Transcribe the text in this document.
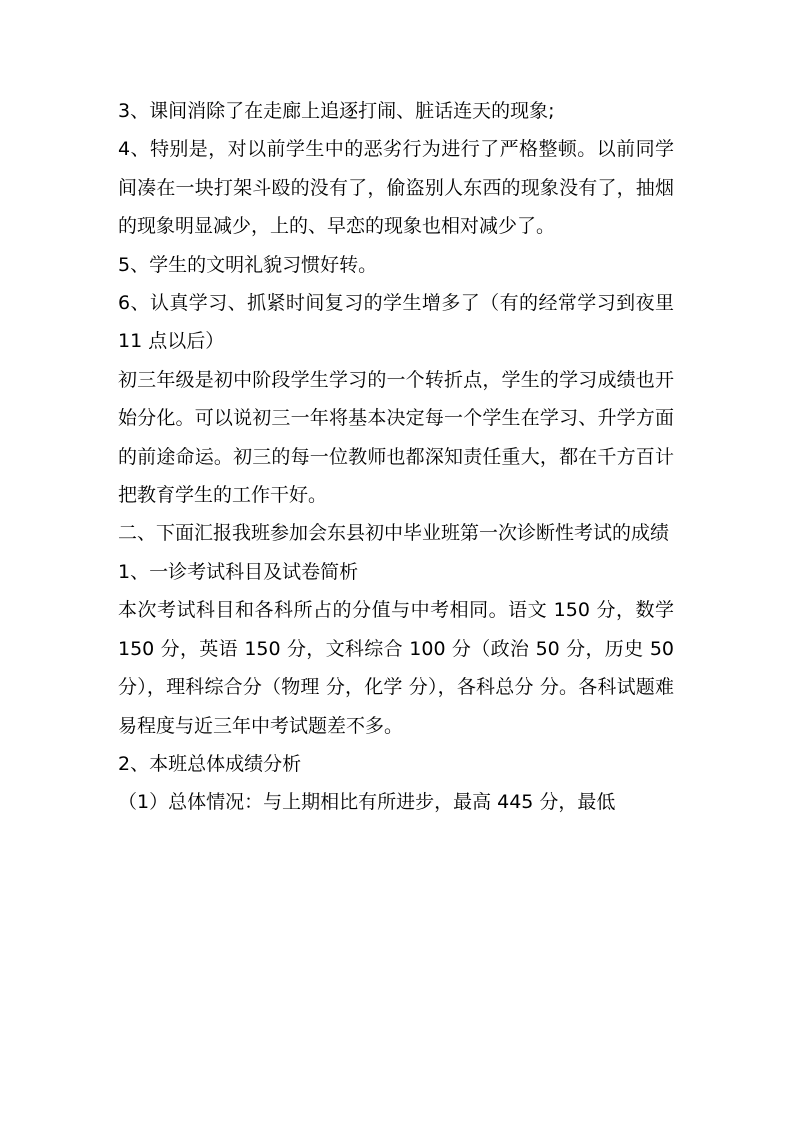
3、课间消除了在走廊上追逐打闹、脏话连天的现象;

4、特别是，对以前学生中的恶劣行为进行了严格整顿。以前同学间凑在一块打架斗殴的没有了，偷盗别人东西的现象没有了，抽烟的现象明显减少，上的、早恋的现象也相对减少了。

5、学生的文明礼貌习惯好转。

6、认真学习、抓紧时间复习的学生增多了（有的经常学习到夜里 11 点以后）

初三年级是初中阶段学生学习的一个转折点，学生的学习成绩也开始分化。可以说初三一年将基本决定每一个学生在学习、升学方面的前途命运。初三的每一位教师也都深知责任重大，都在千方百计把教育学生的工作干好。

二、下面汇报我班参加会东县初中毕业班第一次诊断性考试的成绩

1、一诊考试科目及试卷简析

本次考试科目和各科所占的分值与中考相同。语文 150 分，数学 150 分，英语 150 分，文科综合 100 分（政治 50 分，历史 50 分），理科综合分（物理 分，化学 分），各科总分 分。各科试题难易程度与近三年中考试题差不多。

2、本班总体成绩分析

（1）总体情况：与上期相比有所进步，最高 445 分，最低
